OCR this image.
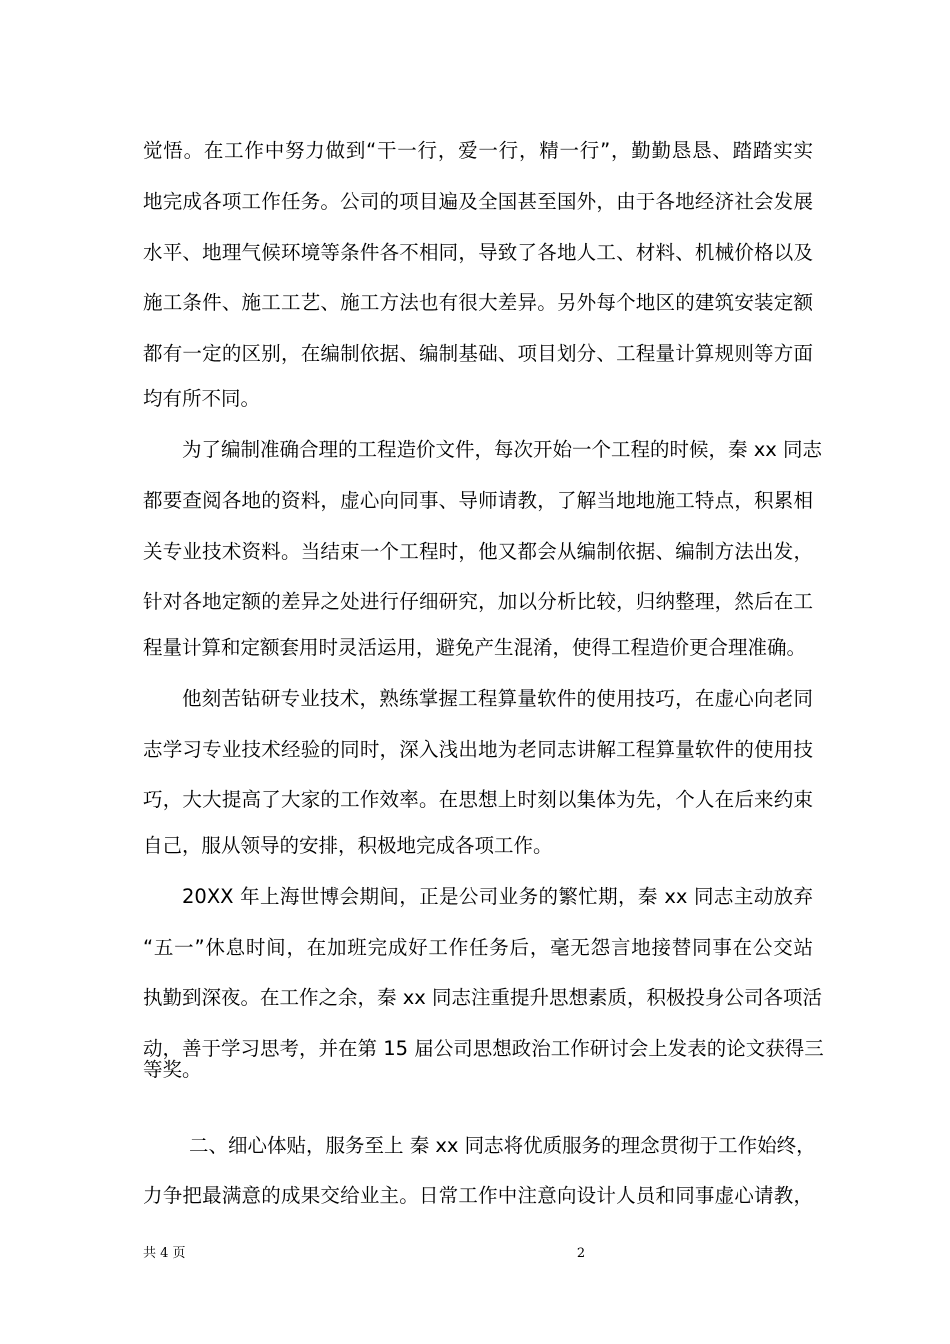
觉悟。在工作中努力做到“干一行，爱一行，精一行”，勤勤恳恳、踏踏实实
地完成各项工作任务。公司的项目遍及全国甚至国外，由于各地经济社会发展
水平、地理气候环境等条件各不相同，导致了各地人工、材料、机械价格以及
施工条件、施工工艺、施工方法也有很大差异。另外每个地区的建筑安装定额
都有一定的区别，在编制依据、编制基础、项目划分、工程量计算规则等方面
均有所不同。
为了编制准确合理的工程造价文件，每次开始一个工程的时候，秦 xx 同志
都要查阅各地的资料，虚心向同事、导师请教，了解当地地施工特点，积累相
关专业技术资料。当结束一个工程时，他又都会从编制依据、编制方法出发，
针对各地定额的差异之处进行仔细研究，加以分析比较，归纳整理，然后在工
程量计算和定额套用时灵活运用，避免产生混淆，使得工程造价更合理准确。
他刻苦钻研专业技术，熟练掌握工程算量软件的使用技巧，在虚心向老同
志学习专业技术经验的同时，深入浅出地为老同志讲解工程算量软件的使用技
巧，大大提高了大家的工作效率。在思想上时刻以集体为先，个人在后来约束
自己，服从领导的安排，积极地完成各项工作。
20XX 年上海世博会期间，正是公司业务的繁忙期，秦 xx 同志主动放弃
“五一”休息时间，在加班完成好工作任务后，毫无怨言地接替同事在公交站
执勤到深夜。在工作之余，秦 xx 同志注重提升思想素质，积极投身公司各项活
动，善于学习思考，并在第 15 届公司思想政治工作研讨会上发表的论文获得三
等奖。
二、细心体贴，服务至上 秦 xx 同志将优质服务的理念贯彻于工作始终，
力争把最满意的成果交给业主。日常工作中注意向设计人员和同事虚心请教，
共 4 页	2
